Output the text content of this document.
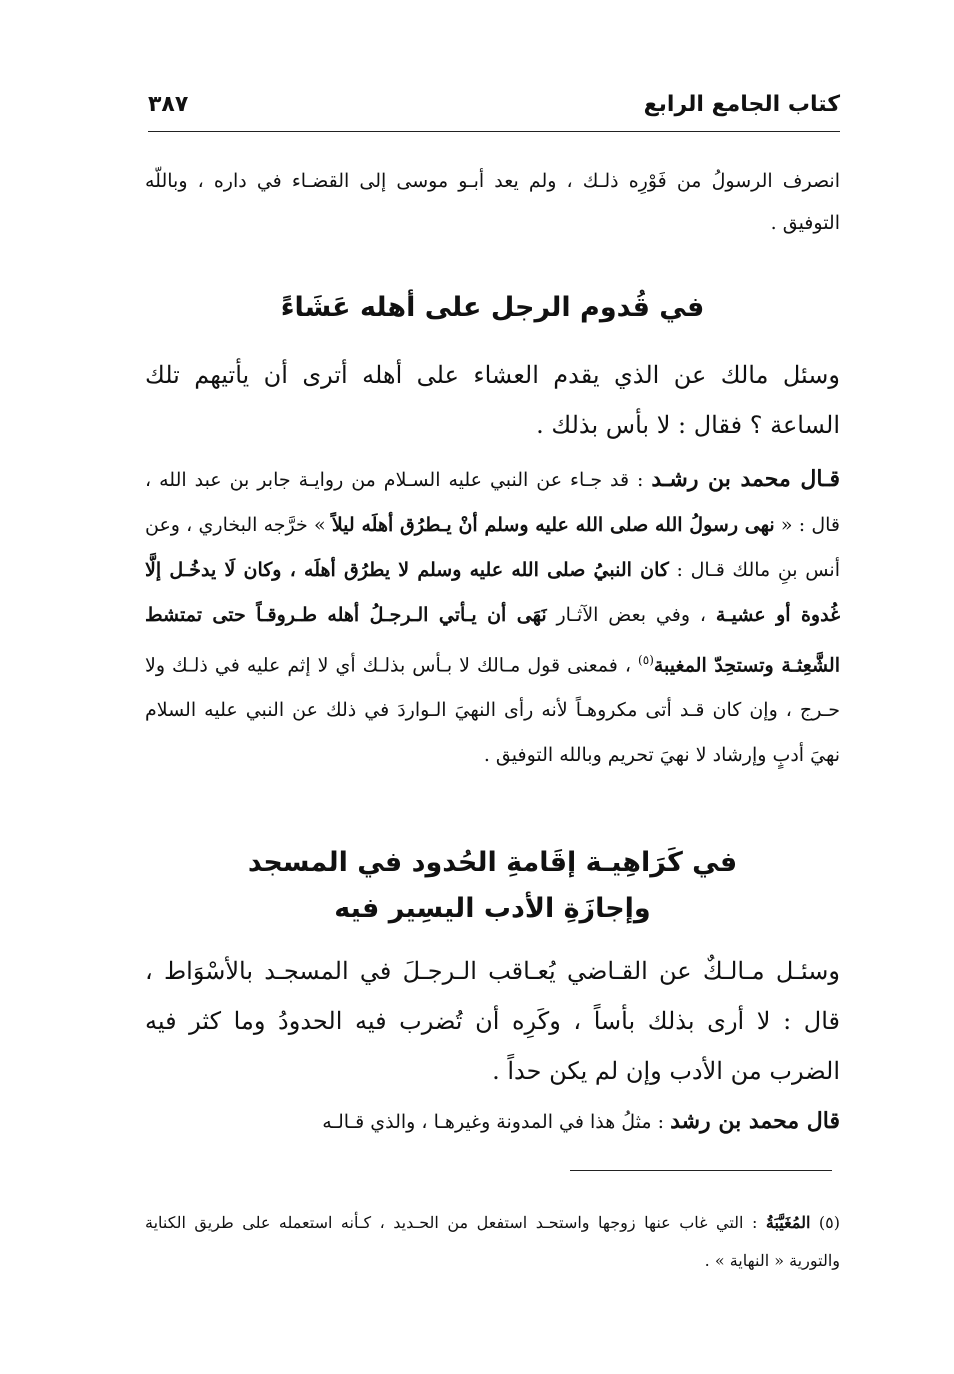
كتاب الجامع الرابع
٣٨٧
انصرف الرسولُ من فَوْرِه ذلـك ، ولم يعد أبـو موسى إلى القضـاء في داره ، وباللّه التوفيق .
في قُدوم الرجل على أهله عَشَاءً
وسئل مالك عن الذي يقدم العشاء على أهله أترى أن يأتيهم تلك الساعة ؟ فقال : لا بأس بذلك .
قـال محمد بن رشـد : قد جـاء عن النبي عليه السـلام من روايـة جابر بن عبد الله ، قال : « نهى رسولُ الله صلى الله عليه وسلم أنْ يـطرُق أهلَه ليلاً » خرَّجه البخاري ، وعن أنس بنِ مالك قـال : كان النبيُ صلى الله عليه وسلم لا يطرُق أهلَه ، وكان لَا يدخُـل إلَّا غُدوة أو عشيـة ، وفي بعض الآثـار نَهَى أن يـأتي الـرجـلُ أهله طـروقـاً حتى تمتشط الشَّعِثـة وتستحِدّ المغيبة$^{(٥)}$ ، فمعنى قول مـالك لا بـأس بذلـك أي لا إثم عليه في ذلـك ولا حـرج ، وإن كان قـد أتى مكروهـاً لأنه رأى النهيَ الـواردَ في ذلك عن النبي عليه السلام نهيَ أدبٍ وإرشاد لا نهيَ تحريم وبالله التوفيق .
في كَرَاهِيـة إقَامةِ الحُدود في المسجد
وإجازَةِ الأدب اليسِير فيه
وسئـل مـالـكٌ عن القـاضي يُعـاقب الـرجـلَ في المسجـد بالأسْوَاط ، قال : لا أرى بذلك بأساً ، وكَرِه أن تُضرب فيه الحدودُ وما كثر فيه الضرب من الأدب وإن لم يكن حداً .
قال محمد بن رشد : مثلُ هذا في المدونة وغيرهـا ، والذي قـالـه
(٥) المُغَيَّبَةُ : التي غاب عنها زوجها واستحـد استفعل من الحـديد ، كـأنه استعمله على طريق الكناية والتورية « النهاية » .
